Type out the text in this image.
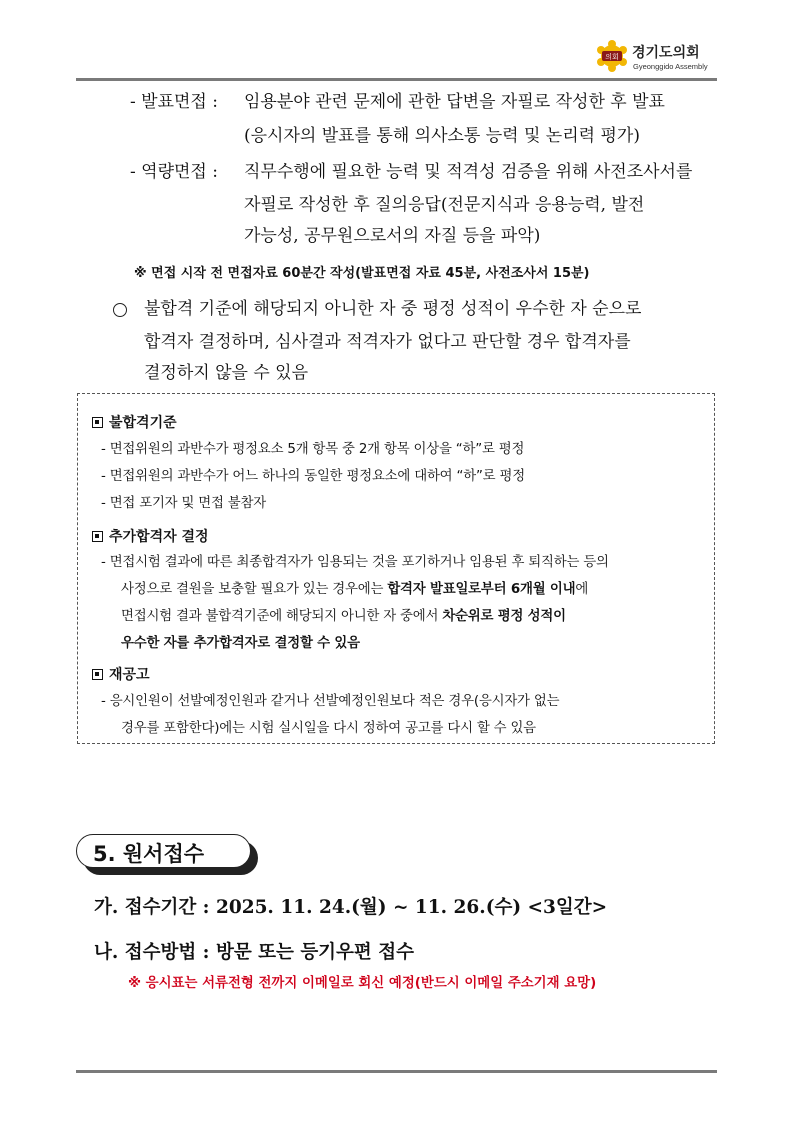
의회 경기도의회
Gyeonggido Assembly
- 발표면접 : 임용분야 관련 문제에 관한 답변을 자필로 작성한 후 발표
(응시자의 발표를 통해 의사소통 능력 및 논리력 평가)
- 역량면접 : 직무수행에 필요한 능력 및 적격성 검증을 위해 사전조사서를
자필로 작성한 후 질의응답(전문지식과 응용능력, 발전
가능성, 공무원으로서의 자질 등을 파악)
※ 면접 시작 전 면접자료 60분간 작성(발표면접 자료 45분, 사전조사서 15분)
불합격 기준에 해당되지 아니한 자 중 평정 성적이 우수한 자 순으로
합격자 결정하며, 심사결과 적격자가 없다고 판단할 경우 합격자를
결정하지 않을 수 있음
불합격기준
- 면접위원의 과반수가 평정요소 5개 항목 중 2개 항목 이상을 “하”로 평정
- 면접위원의 과반수가 어느 하나의 동일한 평정요소에 대하여 “하”로 평정
- 면접 포기자 및 면접 불참자
추가합격자 결정
- 면접시험 결과에 따른 최종합격자가 임용되는 것을 포기하거나 임용된 후 퇴직하는 등의
사정으로 결원을 보충할 필요가 있는 경우에는 합격자 발표일로부터 6개월 이내에
면접시험 결과 불합격기준에 해당되지 아니한 자 중에서 차순위로 평정 성적이
우수한 자를 추가합격자로 결정할 수 있음
재공고
- 응시인원이 선발예정인원과 같거나 선발예정인원보다 적은 경우(응시자가 없는
경우를 포함한다)에는 시험 실시일을 다시 정하여 공고를 다시 할 수 있음
5. 원서접수
가. 접수기간 : 2025. 11. 24.(월) ~ 11. 26.(수) <3일간>
나. 접수방법 : 방문 또는 등기우편 접수
※ 응시표는 서류전형 전까지 이메일로 회신 예정(반드시 이메일 주소기재 요망)
